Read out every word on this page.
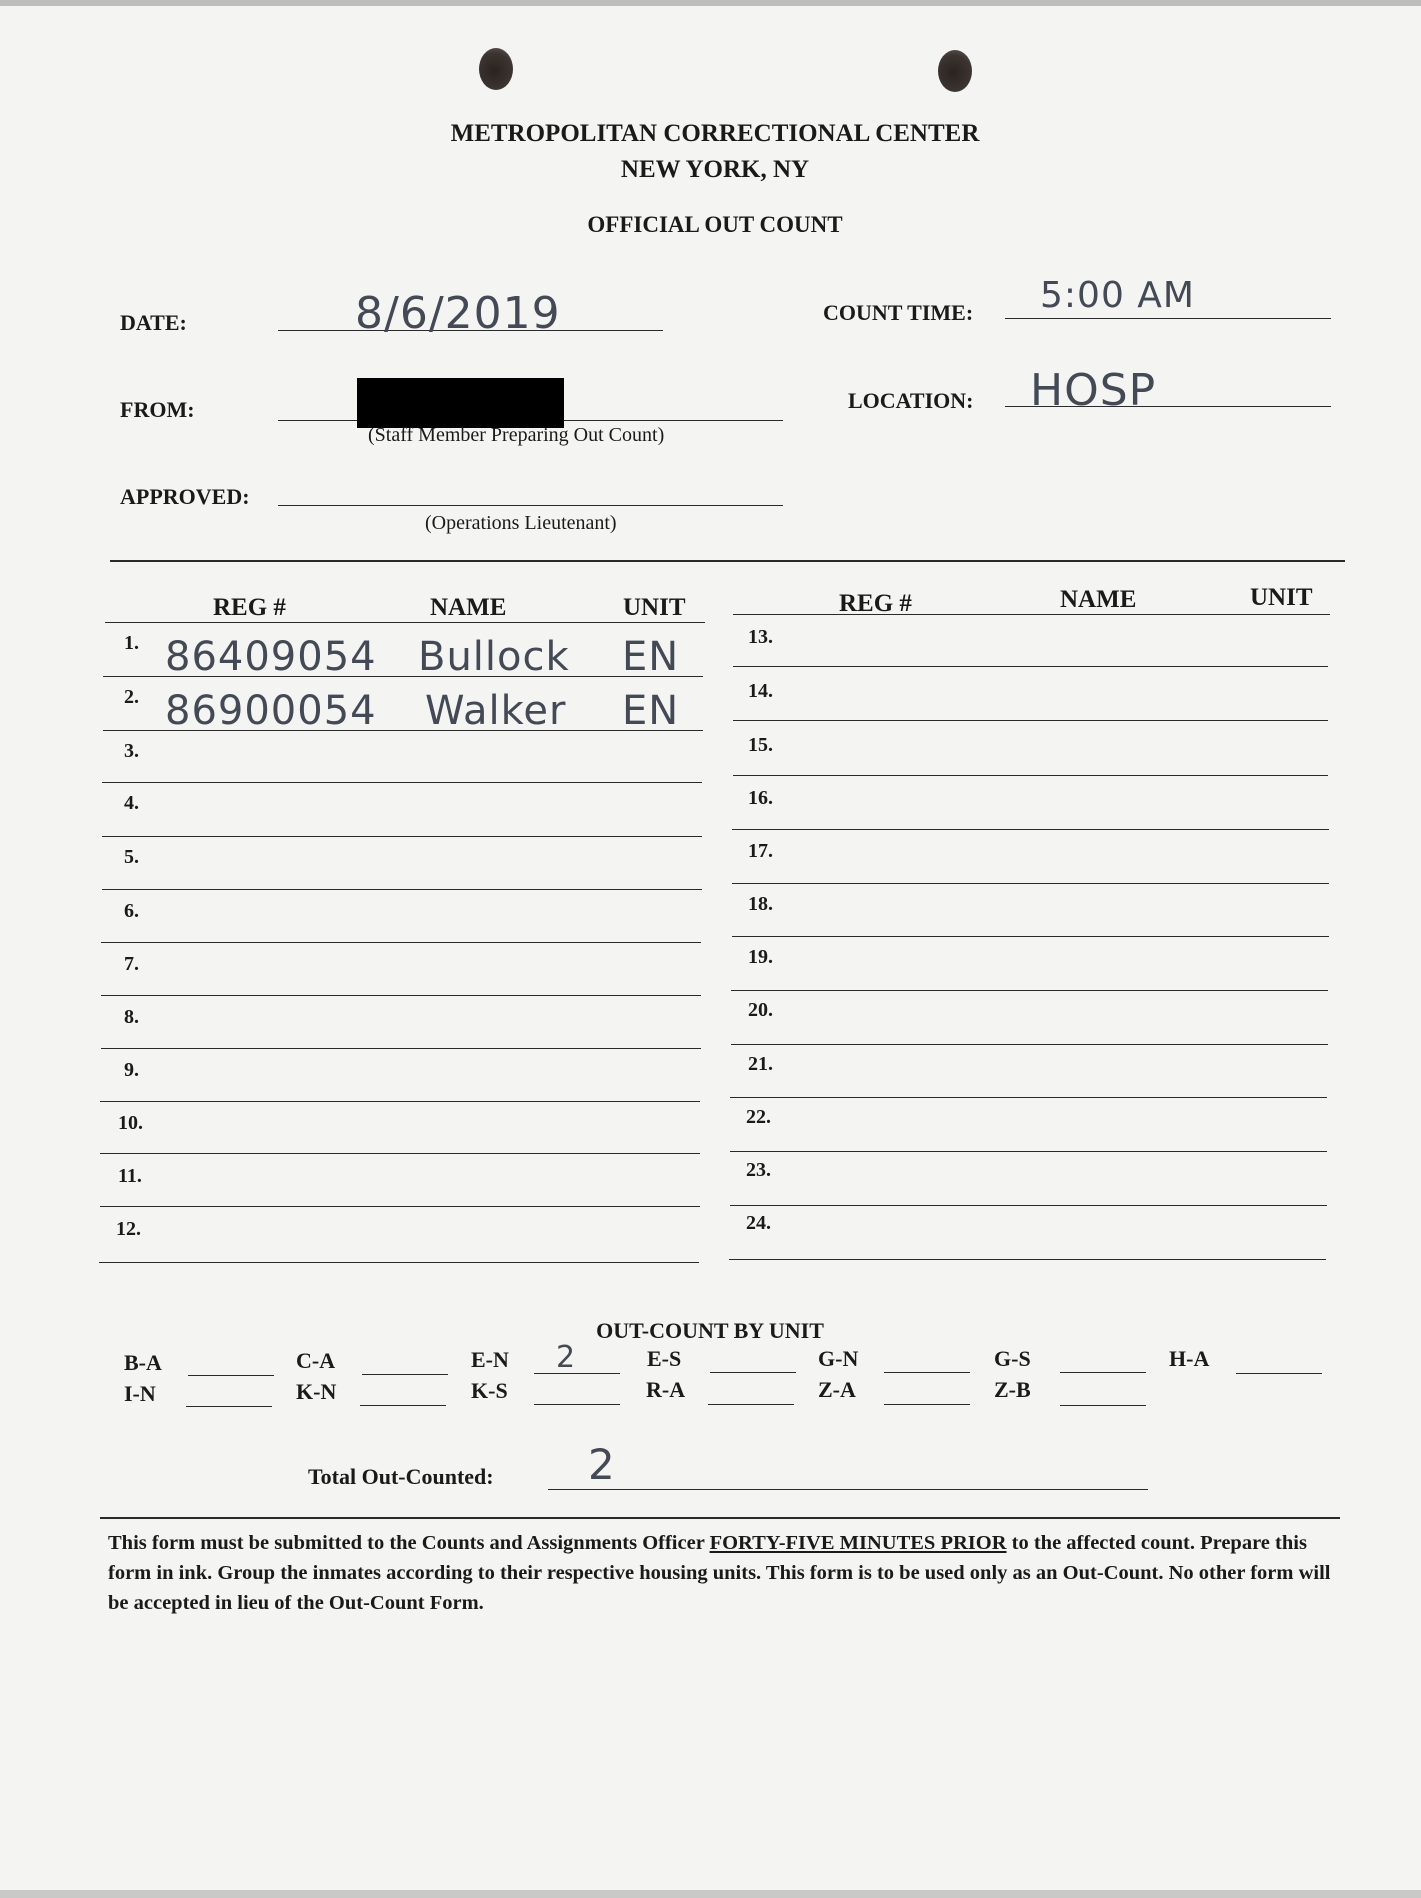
METROPOLITAN CORRECTIONAL CENTER
NEW YORK, NY
OFFICIAL OUT COUNT
DATE:	8/6/2019	COUNT TIME: 5:00 AM
FROM:
(Staff Member Preparing Out Count)
LOCATION: HOSP
APPROVED:
(Operations Lieutenant)
REG #	NAME	UNIT	REG #	NAME	UNIT
1. 86409054 Bullock EN
2. 86900054 Walker EN
3.
4.
5.
6.
7.
8.
9.
10.
11.
12.
13.
14.
15.
16.
17.
18.
19.
20.
21.
22.
23.
24.
OUT-COUNT BY UNIT
B-A	C-A	E-N 2	E-S	G-N	G-S	H-A
I-N	K-N	K-S	R-A	Z-A	Z-B
Total Out-Counted: 2
This form must be submitted to the Counts and Assignments Officer FORTY-FIVE MINUTES PRIOR to the affected count. Prepare this form in ink. Group the inmates according to their respective housing units. This form is to be used only as an Out-Count. No other form will be accepted in lieu of the Out-Count Form.
